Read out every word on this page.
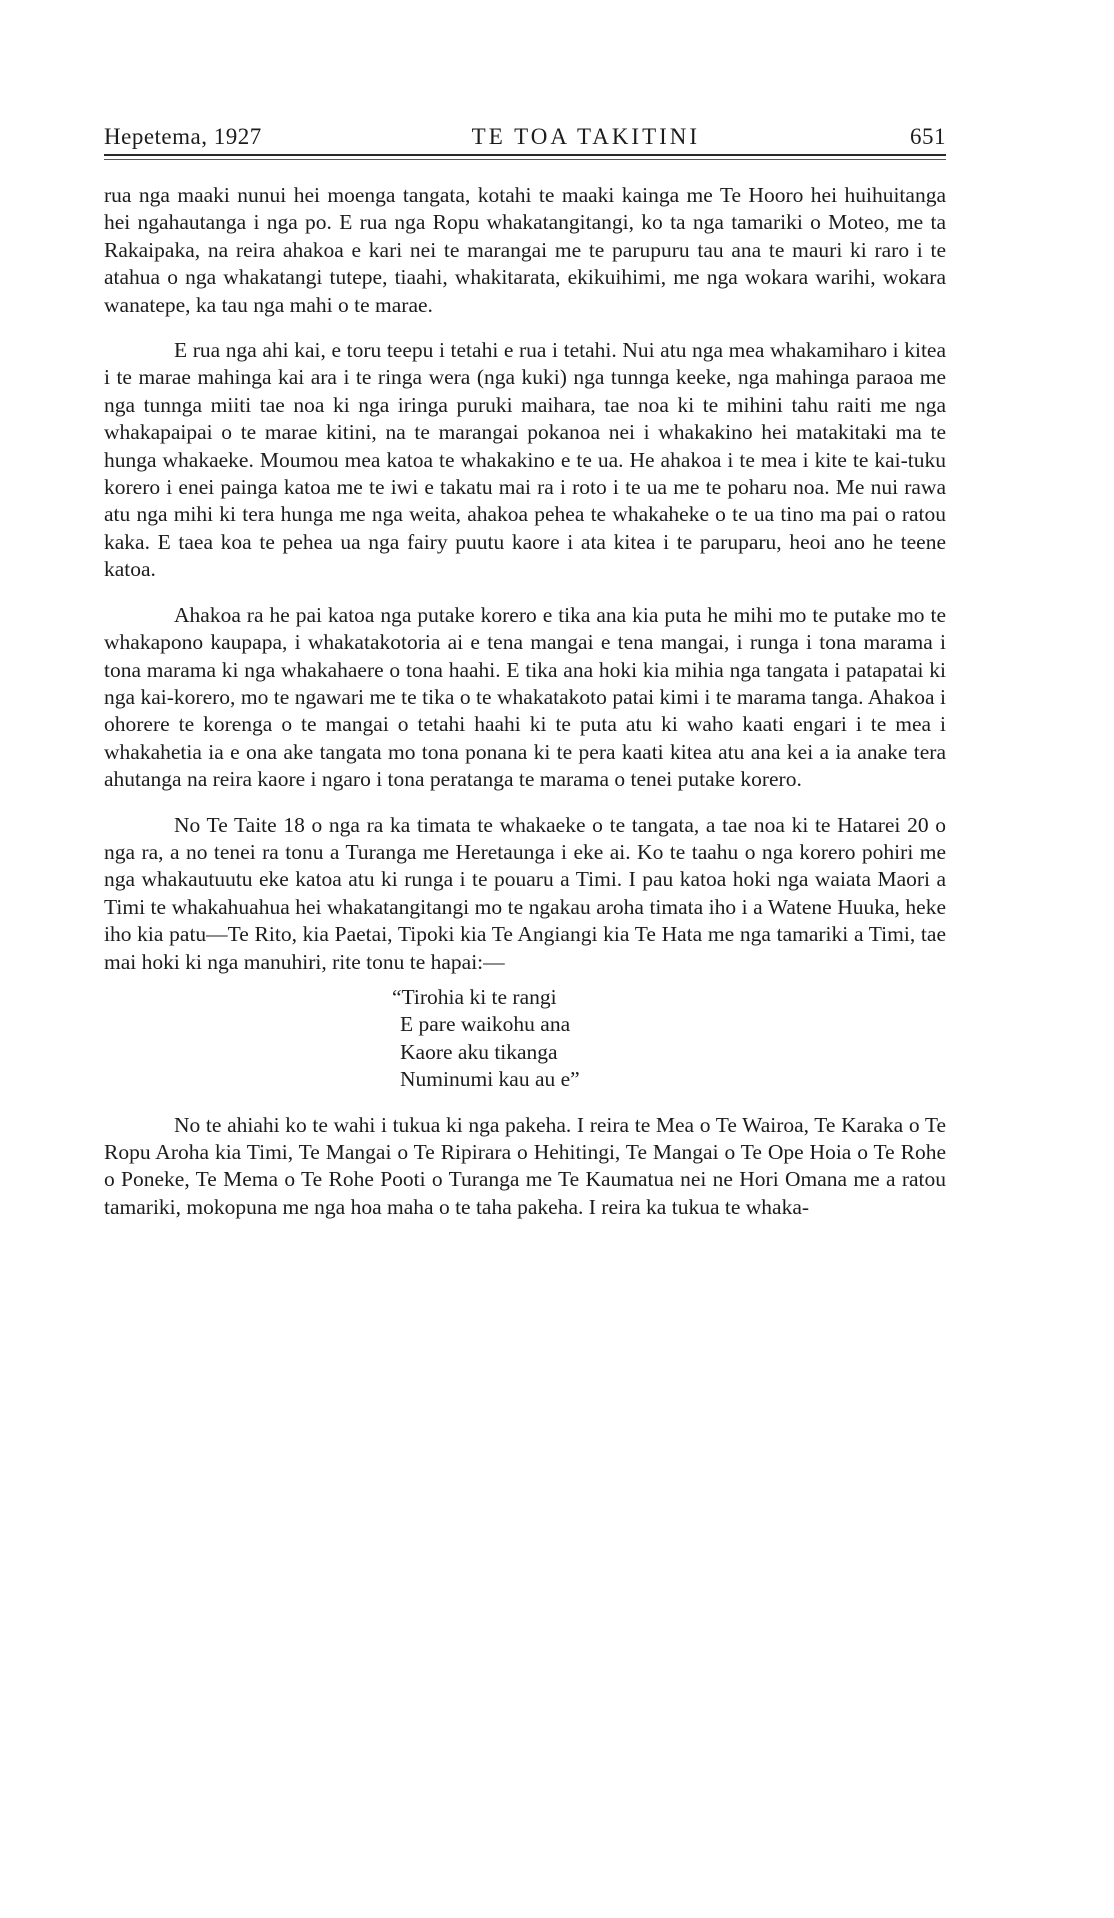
Hepetema, 1927	TE TOA TAKITINI	651

rua nga maaki nunui hei moenga tangata, kotahi te maaki kainga me Te Hooro hei huihuitanga hei ngahautanga i nga po. E rua nga Ropu whakatangitangi, ko ta nga tamariki o Moteo, me ta Rakaipaka, na reira ahakoa e kari nei te marangai me te parupuru tau ana te mauri ki raro i te atahua o nga whakatangi tutepe, tiaahi, whakitarata, ekikuihimi, me nga wokara warihi, wokara wanatepe, ka tau nga mahi o te marae.

E rua nga ahi kai, e toru teepu i tetahi e rua i tetahi. Nui atu nga mea whakamiharo i kitea i te marae mahinga kai ara i te ringa wera (nga kuki) nga tunnga keeke, nga mahinga paraoa me nga tunnga miiti tae noa ki nga iringa puruki maihara, tae noa ki te mihini tahu raiti me nga whakapaipai o te marae kitini, na te marangai pokanoa nei i whakakino hei matakitaki ma te hunga whakaeke. Moumou mea katoa te whakakino e te ua. He ahakoa i te mea i kite te kai-tuku korero i enei painga katoa me te iwi e takatu mai ra i roto i te ua me te poharu noa. Me nui rawa atu nga mihi ki tera hunga me nga weita, ahakoa pehea te whakaheke o te ua tino ma pai o ratou kaka. E taea koa te pehea ua nga fairy puutu kaore i ata kitea i te paruparu, heoi ano he teene katoa.

Ahakoa ra he pai katoa nga putake korero e tika ana kia puta he mihi mo te putake mo te whakapono kaupapa, i whakatakotoria ai e tena mangai e tena mangai, i runga i tona marama i tona marama ki nga whakahaere o tona haahi. E tika ana hoki kia mihia nga tangata i patapatai ki nga kai-korero, mo te ngawari me te tika o te whakatakoto patai kimi i te marama tanga. Ahakoa i ohorere te korenga o te mangai o tetahi haahi ki te puta atu ki waho kaati engari i te mea i whakahetia ia e ona ake tangata mo tona ponana ki te pera kaati kitea atu ana kei a ia anake tera ahutanga na reira kaore i ngaro i tona peratanga te marama o tenei putake korero.

No Te Taite 18 o nga ra ka timata te whakaeke o te tangata, a tae noa ki te Hatarei 20 o nga ra, a no tenei ra tonu a Turanga me Heretaunga i eke ai. Ko te taahu o nga korero pohiri me nga whakautuutu eke katoa atu ki runga i te pouaru a Timi. I pau katoa hoki nga waiata Maori a Timi te whakahuahua hei whakatangitangi mo te ngakau aroha timata iho i a Watene Huuka, heke iho kia patu—Te Rito, kia Paetai, Tipoki kia Te Angiangi kia Te Hata me nga tamariki a Timi, tae mai hoki ki nga manuhiri, rite tonu te hapai:—

“Tirohia ki te rangi
E pare waikohu ana
Kaore aku tikanga
Numinumi kau au e”

No te ahiahi ko te wahi i tukua ki nga pakeha. I reira te Mea o Te Wairoa, Te Karaka o Te Ropu Aroha kia Timi, Te Mangai o Te Ripirara o Hehitingi, Te Mangai o Te Ope Hoia o Te Rohe o Poneke, Te Mema o Te Rohe Pooti o Turanga me Te Kaumatua nei ne Hori Omana me a ratou tamariki, mokopuna me nga hoa maha o te taha pakeha. I reira ka tukua te whaka-
